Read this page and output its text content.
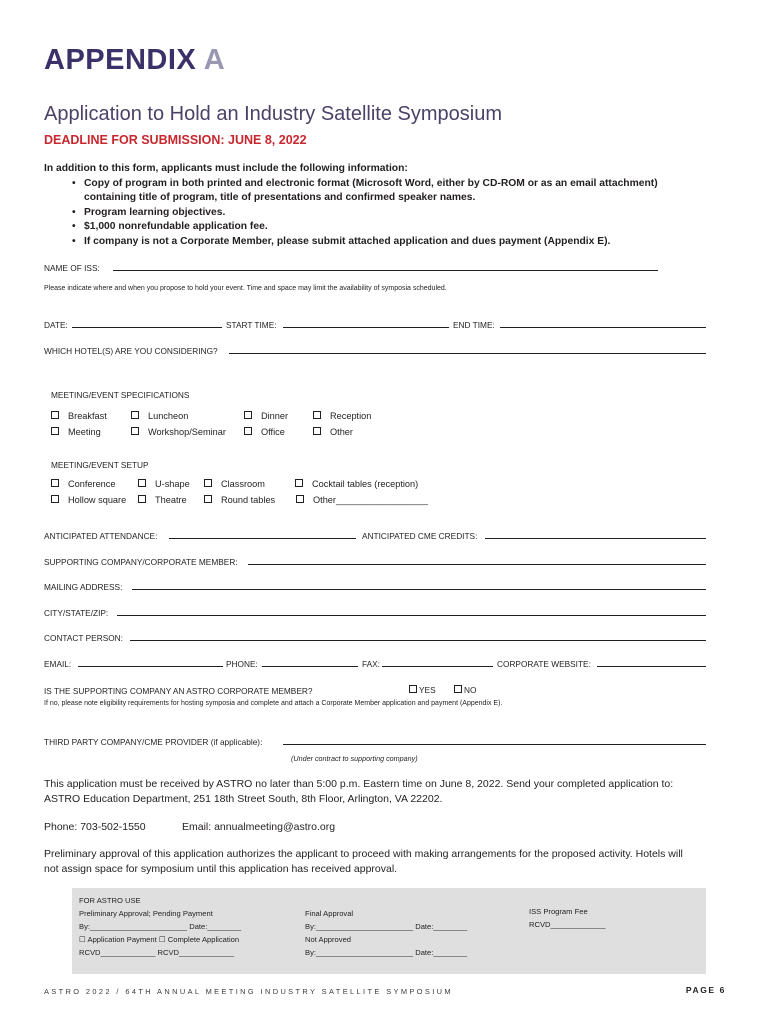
APPENDIX A
Application to Hold an Industry Satellite Symposium
DEADLINE FOR SUBMISSION: JUNE 8, 2022
In addition to this form, applicants must include the following information:
• Copy of program in both printed and electronic format (Microsoft Word, either by CD-ROM or as an email attachment)
containing title of program, title of presentations and confirmed speaker names.
• Program learning objectives.
• $1,000 nonrefundable application fee.
• If company is not a Corporate Member, please submit attached application and dues payment (Appendix E).
NAME OF ISS:
Please indicate where and when you propose to hold your event. Time and space may limit the availability of symposia scheduled.
DATE:	START TIME:	END TIME:
WHICH HOTEL(S) ARE YOU CONSIDERING?
MEETING/EVENT SPECIFICATIONS
Breakfast	Luncheon	Dinner	Reception
Meeting	Workshop/Seminar	Office	Other
MEETING/EVENT SETUP
Conference	U-shape	Classroom	Cocktail tables (reception)
Hollow square	Theatre	Round tables	Other__________________
ANTICIPATED ATTENDANCE:	ANTICIPATED CME CREDITS:
SUPPORTING COMPANY/CORPORATE MEMBER:
MAILING ADDRESS:
CITY/STATE/ZIP:
CONTACT PERSON:
EMAIL:	PHONE:	FAX:	CORPORATE WEBSITE:
IS THE SUPPORTING COMPANY AN ASTRO CORPORATE MEMBER?	YES	NO
If no, please note eligibility requirements for hosting symposia and complete and attach a Corporate Member application and payment (Appendix E).
THIRD PARTY COMPANY/CME PROVIDER (if applicable):
(Under contract to supporting company)
This application must be received by ASTRO no later than 5:00 p.m. Eastern time on June 8, 2022. Send your completed application to:
ASTRO Education Department, 251 18th Street South, 8th Floor, Arlington, VA 22202.
Phone: 703-502-1550	Email: annualmeeting@astro.org
Preliminary approval of this application authorizes the applicant to proceed with making arrangements for the proposed activity. Hotels will
not assign space for symposium until this application has received approval.
FOR ASTRO USE
Preliminary Approval; Pending Payment
By:_______________________ Date:________
☐ Application Payment ☐ Complete Application
RCVD_____________ RCVD_____________
Final Approval
By:_______________________ Date:________
Not Approved
By:_______________________ Date:________
ISS Program Fee
RCVD_____________
ASTRO 2022 / 64TH ANNUAL MEETING INDUSTRY SATELLITE SYMPOSIUM	PAGE 6
